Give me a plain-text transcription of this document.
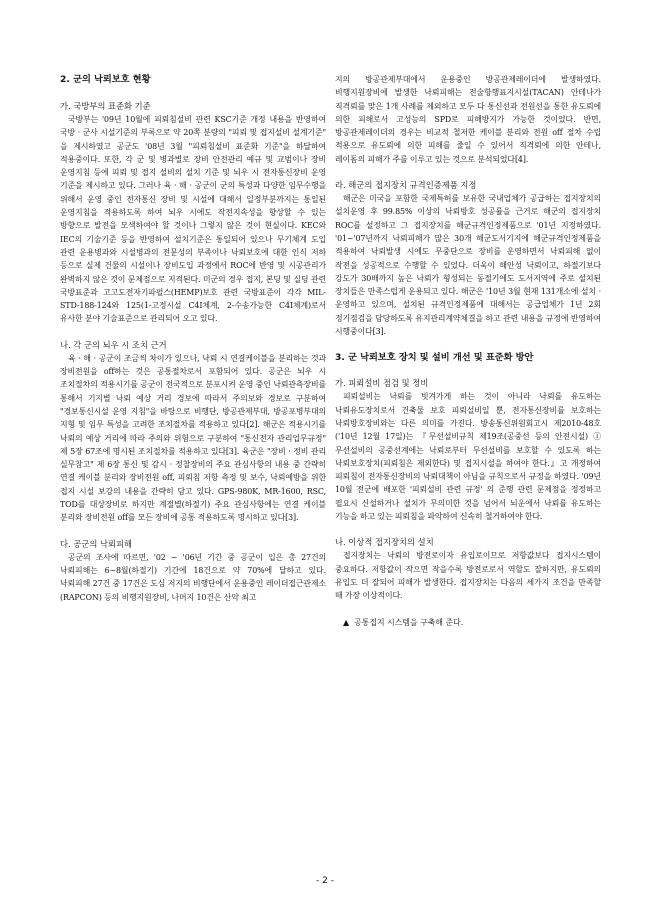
2. 군의 낙뢰보호 현황

가. 국방부의 표준화 기준

국방부는 '09년 10월에 피뢰침설비 관련 KSC기준 개정 내용을 반영하여 국방 · 군사 시설기준의 부록으로 약 20쪽 분량의 "피뢰 및 접지설비 설계기준" 을 제시하였고 공군도 '08년 3월 "피뢰침설비 표준화 기준"을 하달하여 적용중이다. 또한, 각 군 및 병과별로 장비 안전관리 예규 및 교범이나 장비 운영지침 등에 피뢰 및 접지 설비의 설치 기준 및 뇌우 시 전자통신장비 운영 기준을 제시하고 있다. 그러나 육 · 해 · 공군이 군의 특성과 다양한 임무수행을 위해서 운영 중인 전자통신 장비 및 시설에 대해서 일정부분까지는 통일된 운영지침을 적용하도록 하여 뇌우 시에도 작전지속성을 향상할 수 있는 방향으로 발전을 모색하여야 할 것이나 그렇지 않은 것이 현실이다. KEC와 IEC의 기술기준 등을 반영하여 설치기준은 통일되어 있으나 무기체계 도입 관련 운용병과와 시설병과의 전문성의 부족이나 낙뢰보호에 대한 인식 저하 등으로 실제 건물의 시설이나 장비도입 과정에서 ROC에 반영 및 시공관리가 완벽하지 않은 것이 문제점으로 지적된다. 미군의 경우 접지, 본딩 및 실딩 관련 국방표준과 고고도전자기파펄스(HEMP)보호 관련 국방표준이 각각 MIL-STD-188-124와 125(1-고정시설 C4I체계, 2-수송가능한 C4I체계)로서 유사한 분야 기술표준으로 관리되어 오고 있다.

나. 각 군의 뇌우 시 조치 근거

육 · 해 · 공군이 조금씩 차이가 있으나, 낙뢰 시 연결케이블을 분리하는 것과 장비전원을 off하는 것은 공통절차로서 포함되어 있다. 공군은 뇌우 시 조치절차의 적용시기를 공군이 전국적으로 분포시켜 운영 중인 낙뢰관측장비를 통해서 기지별 낙뢰 예상 거리 경보에 따라서 주의보와 경보로 구분하여 "경보통신시설 운영 지침"을 바탕으로 비행단, 방공관제부대, 방공포병부대의 지형 및 임무 특성을 고려한 조치절차를 적용하고 있다[2]. 해군은 적용시기를 낙뢰의 예상 거리에 따라 주의와 위험으로 구분하여 "통신전자 관리업무규정" 제 5장 67조에 명시된 조치절차를 적용하고 있다[3]. 육군은 "장비 · 정비 관리 실무참고" 제 6장 통신 및 감시 · 정찰장비의 주요 관심사항의 내용 중 간략히 연결 케이블 분리와 장비전원 off, 피뢰침 저항 측정 및 보수, 낙뢰예방을 위한 접지 시설 보강의 내용을 간략히 담고 있다. GPS-980K, MR-1600, RSC, TOD를 대상장비로 하지만 계절별(하절기) 주요 관심사항에는 연결 케이블 분리와 장비전원 off를 모든 장비에 공통 적용하도록 명시하고 있다[3].

다. 공군의 낙뢰피해

공군의 조사에 따르면, '02 ~ '06년 기간 중 공군이 입은 총 27건의 낙뢰피해는 6~8월(하절기) 기간에 18건으로 약 70%에 달하고 있다. 낙뢰피해 27건 중 17건은 도심 저지의 비행단에서 운용중인 레이더접근관제소(RAPCON) 등의 비행지원장비, 나머지 10건은 산악 최고

지의 방공관제부대에서 운용중인 방공관제레이더에 발생하였다. 비행지원장비에 발생한 낙뢰피해는 전술항행표지시설(TACAN) 안테나가 직격뢰를 맞은 1개 사례를 제외하고 모두 다 통신선과 전원선을 통한 유도뢰에 의한 피해로서 고성능의 SPD로 피해방지가 가능한 것이었다. 반면, 방공관제레이더의 경우는 비교적 철저한 케이블 분리와 전원 off 절차 수립 적용으로 유도뢰에 의한 피해를 줄일 수 있어서 직격뢰에 의한 안테나, 레이돔의 피해가 주를 이루고 있는 것으로 분석되었다[4].

라. 해군의 접지장치 규격인증제품 지정

해군은 미국을 포함한 국제특허를 보유한 국내업체가 공급하는 접지장치의 설치운영 후 99.85% 이상의 낙뢰방호 성공률을 근거로 해군의 접지장치 ROC를 설정하고 그 접지장치를 해군규격인정제품으로 '01년 지정하였다. '01~'07년까지 낙뢰피해가 많은 30개 해군도서기지에 해군규격인정제품을 적용하여 낙뢰발생 시에도 무중단으로 장비를 운영하면서 낙뢰피해 없이 작전을 성공적으로 수행할 수 있었다. 더욱이 해안성 낙뢰이고, 하절기보다 강도가 30배까지 높은 낙뢰가 형성되는 동절기에도 도서지역에 주로 설치된 장치들은 만족스럽게 운용되고 있다. 해군은 '10년 3월 현재 131개소에 설치 · 운영하고 있으며, 설치된 규격인정제품에 대해서는 공급업체가 1년 2회 정기점검을 담당하도록 유지관리계약체결을 하고 관련 내용을 규정에 반영하여 시행중이다[3].

3. 군 낙뢰보호 장치 및 설비 개선 및 표준화 방안

가. 피뢰설비 점검 및 정비

피뢰설비는 낙뢰를 빗겨가게 하는 것이 아니라 낙뢰를 유도하는 낙뢰유도장치로서 건축물 보호 피뢰설비일 뿐, 전자통신장비를 보호하는 낙뢰방호장비와는 다른 의미를 가진다. 방송통신위원회고시 제2010-48호('10년 12월 17일)는 『무선설비규칙 제19조(공중선 등의 안전시설) ① 무선설비의 공중선계에는 낙뢰로부터 무선설비를 보호할 수 있도록 하는 낙뢰보호장치(피뢰침은 제외한다) 및 접지시설을 하여야 한다.』고 개정하여 피뢰침이 전자통신장비의 낙뢰대책이 아님을 규칙으로서 규정을 하였다. '09년 10월 전군에 배포한 '피뢰설비 관련 규정' 의 준행 관련 문제점을 정정하고 필요시 신설하거나 설치가 무의미한 것을 넘어서 뇌운에서 낙뢰를 유도하는 기능을 하고 있는 피뢰침을 파악하여 신속히 철거하여야 한다.

나. 이상적 접지장치의 설치

접지장치는 낙뢰의 방전로이자 유입로이므로 저항값보다 접지시스템이 중요하다. 저항값이 작으면 작을수록 방전로로서 역할도 잘하지만, 유도뢰의 유입도 더 잘되어 피해가 발생한다. 접지장치는 다음의 세가지 조건을 만족할 때 가장 이상적이다.

▲ 공통접지 시스템을 구축해 준다.

- 2 -
